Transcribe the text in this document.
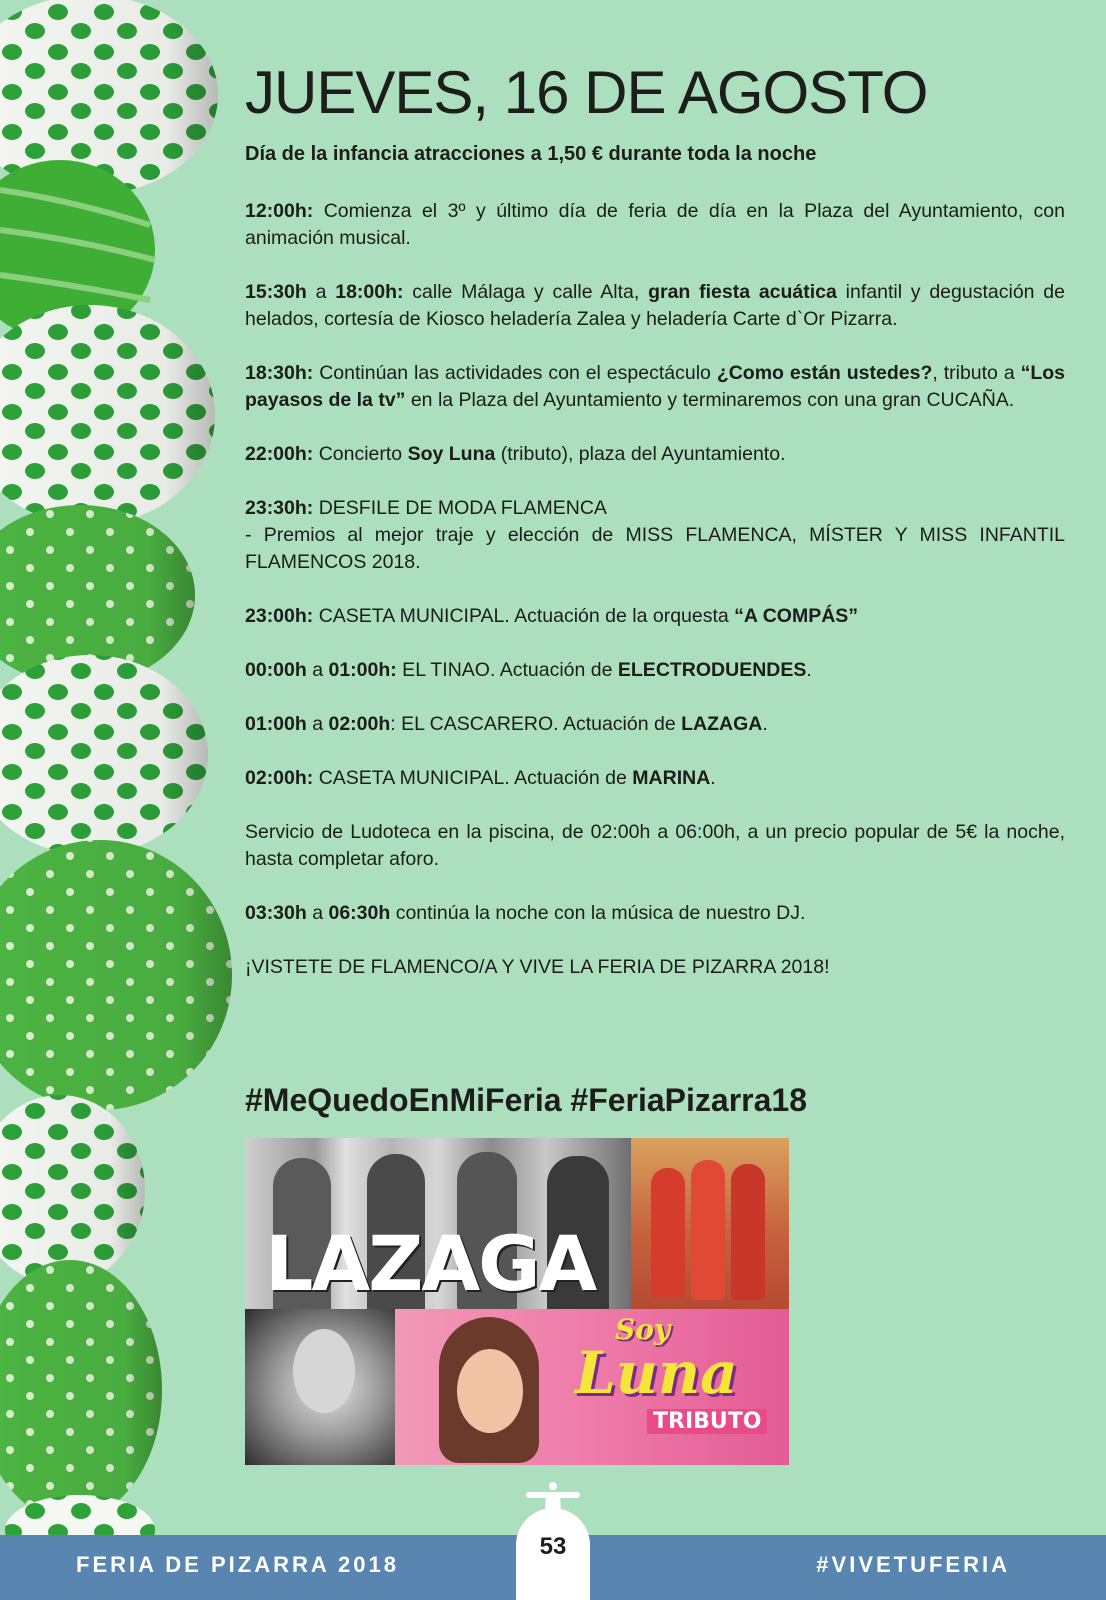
JUEVES, 16 DE AGOSTO

Día de la infancia atracciones a 1,50 € durante toda la noche

12:00h: Comienza el 3º y último día de feria de día en la Plaza del Ayuntamiento, con animación musical.

15:30h a 18:00h: calle Málaga y calle Alta, gran fiesta acuática infantil y degustación de helados, cortesía de Kiosco heladería Zalea y heladería Carte d`Or Pizarra.

18:30h: Continúan las actividades con el espectáculo ¿Como están ustedes?, tributo a “Los payasos de la tv” en la Plaza del Ayuntamiento y terminaremos con una gran CUCAÑA.

22:00h: Concierto Soy Luna (tributo), plaza del Ayuntamiento.

23:30h: DESFILE DE MODA FLAMENCA
- Premios al mejor traje y elección de MISS FLAMENCA, MÍSTER Y MISS INFANTIL FLAMENCOS 2018.

23:00h: CASETA MUNICIPAL. Actuación de la orquesta “A COMPÁS”

00:00h a 01:00h: EL TINAO. Actuación de ELECTRODUENDES.

01:00h a 02:00h: EL CASCARERO. Actuación de LAZAGA.

02:00h: CASETA MUNICIPAL. Actuación de MARINA.

Servicio de Ludoteca en la piscina, de 02:00h a 06:00h, a un precio popular de 5€ la noche, hasta completar aforo.

03:30h a 06:30h continúa la noche con la música de nuestro DJ.

¡VISTETE DE FLAMENCO/A Y VIVE LA FERIA DE PIZARRA 2018!

#MeQuedoEnMiFeria #FeriaPizarra18

LAZAGA
Soy
Luna
TRIBUTO

FERIA DE PIZARRA 2018	#VIVETUFERIA

53
